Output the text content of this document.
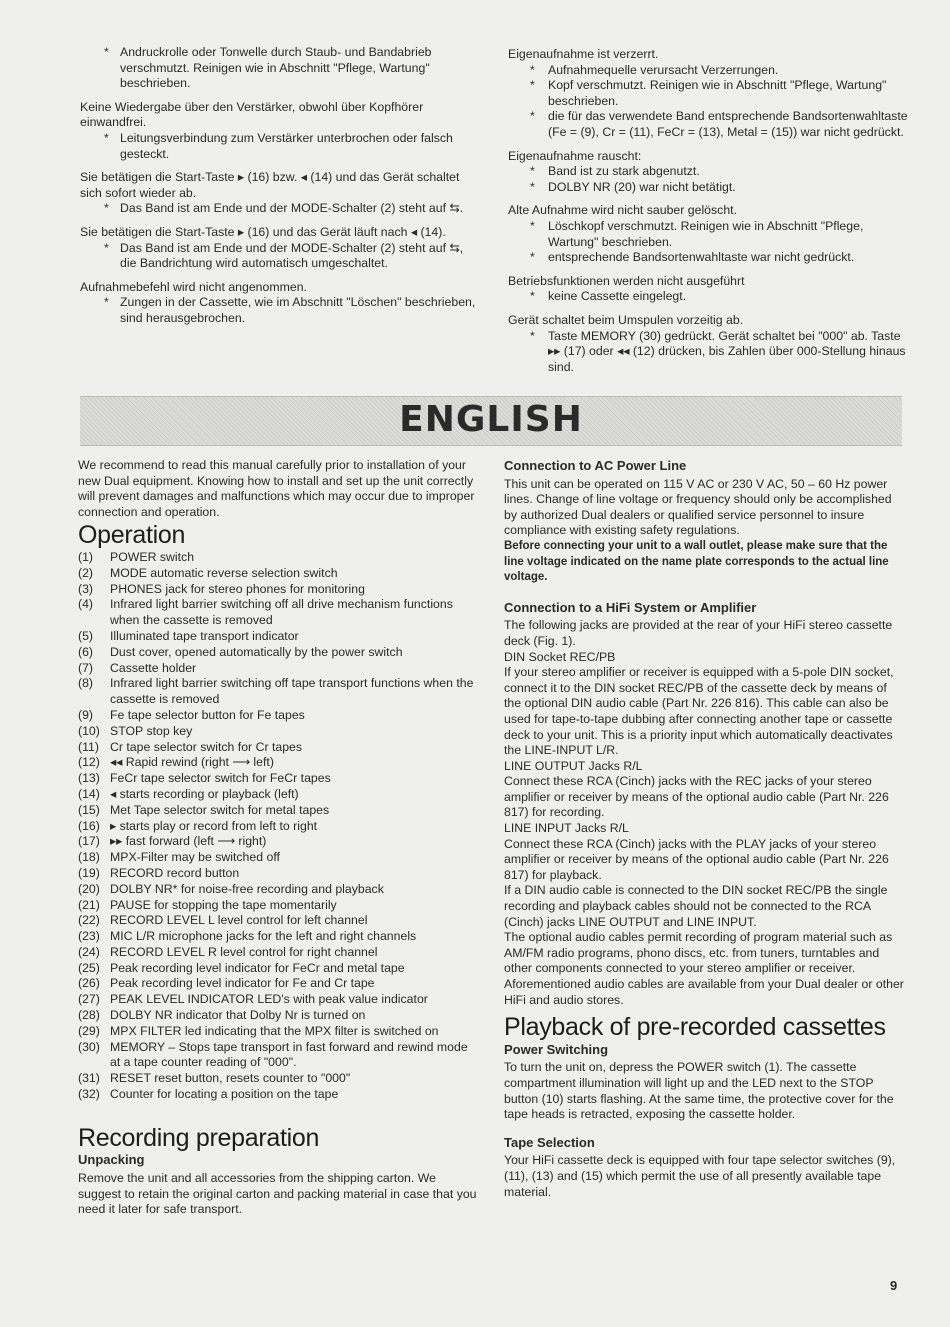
* Andruckrolle oder Tonwelle durch Staub- und Bandabrieb verschmutzt. Reinigen wie in Abschnitt "Pflege, Wartung" beschrieben.

Keine Wiedergabe über den Verstärker, obwohl über Kopfhörer einwandfrei.

* Leitungsverbindung zum Verstärker unterbrochen oder falsch gesteckt.

Sie betätigen die Start-Taste ▸ (16) bzw. ◂ (14) und das Gerät schaltet sich sofort wieder ab.

* Das Band ist am Ende und der MODE-Schalter (2) steht auf ⇆.

Sie betätigen die Start-Taste ▸ (16) und das Gerät läuft nach ◂ (14).

* Das Band ist am Ende und der MODE-Schalter (2) steht auf ⇆, die Bandrichtung wird automatisch umgeschaltet.

Aufnahmebefehl wird nicht angenommen.

* Zungen in der Cassette, wie im Abschnitt "Löschen" beschrieben, sind herausgebrochen.

Eigenaufnahme ist verzerrt.

* Aufnahmequelle verursacht Verzerrungen.

* Kopf verschmutzt. Reinigen wie in Abschnitt "Pflege, Wartung" beschrieben.

* die für das verwendete Band entsprechende Bandsortenwahltaste (Fe = (9), Cr = (11), FeCr = (13), Metal = (15)) war nicht gedrückt.

Eigenaufnahme rauscht:

* Band ist zu stark abgenutzt.

* DOLBY NR (20) war nicht betätigt.

Alte Aufnahme wird nicht sauber gelöscht.

* Löschkopf verschmutzt. Reinigen wie in Abschnitt "Pflege, Wartung" beschrieben.

* entsprechende Bandsortenwahltaste war nicht gedrückt.

Betriebsfunktionen werden nicht ausgeführt

* keine Cassette eingelegt.

Gerät schaltet beim Umspulen vorzeitig ab.

* Taste MEMORY (30) gedrückt. Gerät schaltet bei "000" ab. Taste ▸▸ (17) oder ◂◂ (12) drücken, bis Zahlen über 000-Stellung hinaus sind.

ENGLISH

We recommend to read this manual carefully prior to installation of your new Dual equipment. Knowing how to install and set up the unit correctly will prevent damages and malfunctions which may occur due to improper connection and operation.

Operation
(1) POWER switch
(2) MODE automatic reverse selection switch
(3) PHONES jack for stereo phones for monitoring
(4) Infrared light barrier switching off all drive mechanism functions when the cassette is removed
(5) Illuminated tape transport indicator
(6) Dust cover, opened automatically by the power switch
(7) Cassette holder
(8) Infrared light barrier switching off tape transport functions when the cassette is removed
(9) Fe tape selector button for Fe tapes
(10) STOP stop key
(11) Cr tape selector switch for Cr tapes
(12) ◂◂ Rapid rewind (right ⟶ left)
(13) FeCr tape selector switch for FeCr tapes
(14) ◂ starts recording or playback (left)
(15) Met Tape selector switch for metal tapes
(16) ▸ starts play or record from left to right
(17) ▸▸ fast forward (left ⟶ right)
(18) MPX-Filter may be switched off
(19) RECORD record button
(20) DOLBY NR* for noise-free recording and playback
(21) PAUSE for stopping the tape momentarily
(22) RECORD LEVEL L level control for left channel
(23) MIC L/R microphone jacks for the left and right channels
(24) RECORD LEVEL R level control for right channel
(25) Peak recording level indicator for FeCr and metal tape
(26) Peak recording level indicator for Fe and Cr tape
(27) PEAK LEVEL INDICATOR LED's with peak value indicator
(28) DOLBY NR indicator that Dolby Nr is turned on
(29) MPX FILTER led indicating that the MPX filter is switched on
(30) MEMORY – Stops tape transport in fast forward and rewind mode at a tape counter reading of "000".
(31) RESET reset button, resets counter to "000"
(32) Counter for locating a position on the tape
Recording preparation
Unpacking

Remove the unit and all accessories from the shipping carton. We suggest to retain the original carton and packing material in case that you need it later for safe transport.

Connection to AC Power Line

This unit can be operated on 115 V AC or 230 V AC, 50 – 60 Hz power lines. Change of line voltage or frequency should only be accomplished by authorized Dual dealers or qualified service personnel to insure compliance with existing safety regulations.

Before connecting your unit to a wall outlet, please make sure that the line voltage indicated on the name plate corresponds to the actual line voltage.

Connection to a HiFi System or Amplifier

The following jacks are provided at the rear of your HiFi stereo cassette deck (Fig. 1).

DIN Socket REC/PB

If your stereo amplifier or receiver is equipped with a 5-pole DIN socket, connect it to the DIN socket REC/PB of the cassette deck by means of the optional DIN audio cable (Part Nr. 226 816). This cable can also be used for tape-to-tape dubbing after connecting another tape or cassette deck to your unit. This is a priority input which automatically deactivates the LINE-INPUT L/R.

LINE OUTPUT Jacks R/L

Connect these RCA (Cinch) jacks with the REC jacks of your stereo amplifier or receiver by means of the optional audio cable (Part Nr. 226 817) for recording.

LINE INPUT Jacks R/L

Connect these RCA (Cinch) jacks with the PLAY jacks of your stereo amplifier or receiver by means of the optional audio cable (Part Nr. 226 817) for playback.

If a DIN audio cable is connected to the DIN socket REC/PB the single recording and playback cables should not be connected to the RCA (Cinch) jacks LINE OUTPUT and LINE INPUT.

The optional audio cables permit recording of program material such as AM/FM radio programs, phono discs, etc. from tuners, turntables and other components connected to your stereo amplifier or receiver.

Aforementioned audio cables are available from your Dual dealer or other HiFi and audio stores.

Playback of pre-recorded cassettes
Power Switching

To turn the unit on, depress the POWER switch (1). The cassette compartment illumination will light up and the LED next to the STOP button (10) starts flashing. At the same time, the protective cover for the tape heads is retracted, exposing the cassette holder.

Tape Selection

Your HiFi cassette deck is equipped with four tape selector switches (9), (11), (13) and (15) which permit the use of all presently available tape material.

9
